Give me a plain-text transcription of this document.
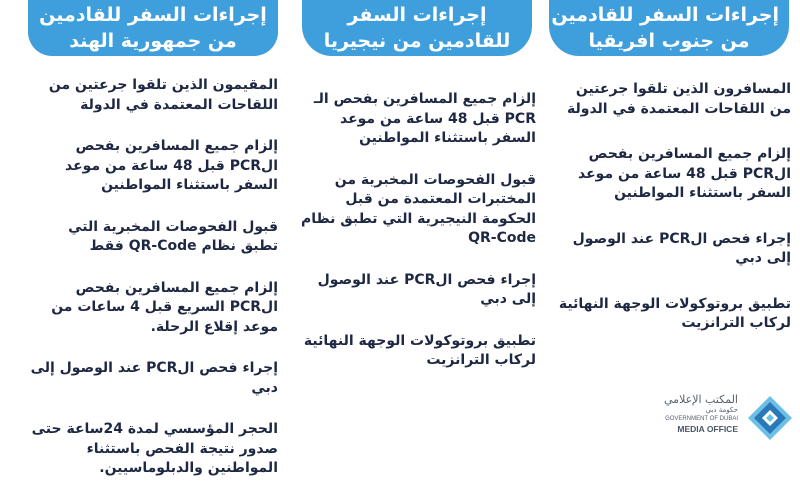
إجراءات السفر للقادمين
من جنوب افريقيا
المسافرون الذين تلقوا جرعتين من اللقاحات المعتمدة في الدولة
إلزام جميع المسافرين بفحص الPCR قبل 48 ساعة من موعد السفر باستثناء المواطنين
إجراء فحص الPCR عند الوصول إلى دبي
تطبيق بروتوكولات الوجهة النهائية لركاب الترانزيت
إجراءات السفر
للقادمين من نيجيريا
إلزام جميع المسافرين بفحص الـ PCR قبل 48 ساعة من موعد السفر باستثناء المواطنين
قبول الفحوصات المخبرية من المختبرات المعتمدة من قبل الحكومة النيجيرية التي تطبق نظام QR-Code
إجراء فحص الPCR عند الوصول إلى دبي
تطبيق بروتوكولات الوجهة النهائية لركاب الترانزيت
إجراءات السفر للقادمين
من جمهورية الهند
المقيمون الذين تلقوا جرعتين من اللقاحات المعتمدة في الدولة
إلزام جميع المسافرين بفحص الPCR قبل 48 ساعة من موعد السفر باستثناء المواطنين
قبول الفحوصات المخبرية التي تطبق نظام QR-Code فقط
إلزام جميع المسافرين بفحص الPCR السريع قبل 4 ساعات من موعد إقلاع الرحلة.
إجراء فحص الPCR عند الوصول إلى دبي
الحجر المؤسسي لمدة 24ساعة حتى صدور نتيجة الفحص باستثناء المواطنين والدبلوماسيين.
المكتب الإعلامي
حكومة دبي
GOVERNMENT OF DUBAI
MEDIA OFFICE
